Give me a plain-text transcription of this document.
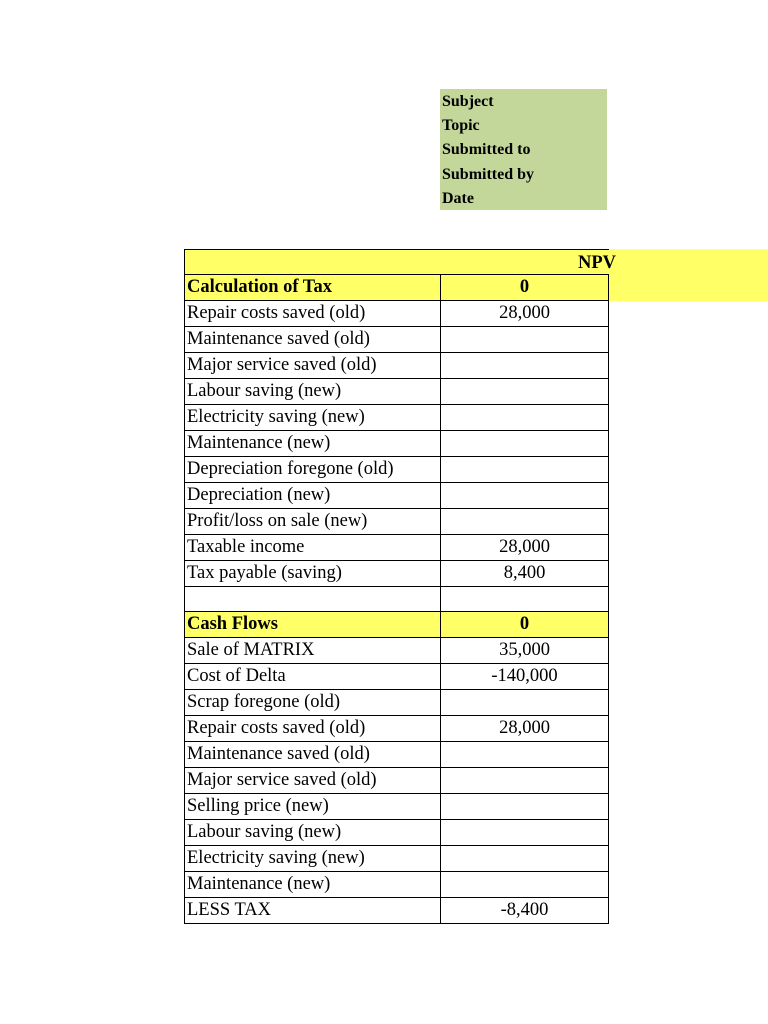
Subject
Topic
Submitted to
Submitted by
Date

Calculation of Tax	0
Repair costs saved (old)	28,000
Maintenance saved (old)	
Major service saved (old)	
Labour saving (new)	
Electricity saving (new)	
Maintenance (new)	
Depreciation foregone (old)	
Depreciation (new)	
Profit/loss on sale (new)	
Taxable income	28,000
Tax payable (saving)	8,400

Cash Flows	0
Sale of MATRIX	35,000
Cost of Delta	-140,000
Scrap foregone (old)	
Repair costs saved (old)	28,000
Maintenance saved (old)	
Major service saved (old)	
Selling price (new)	
Labour saving (new)	
Electricity saving (new)	
Maintenance (new)	
LESS TAX	-8,400
NPV
